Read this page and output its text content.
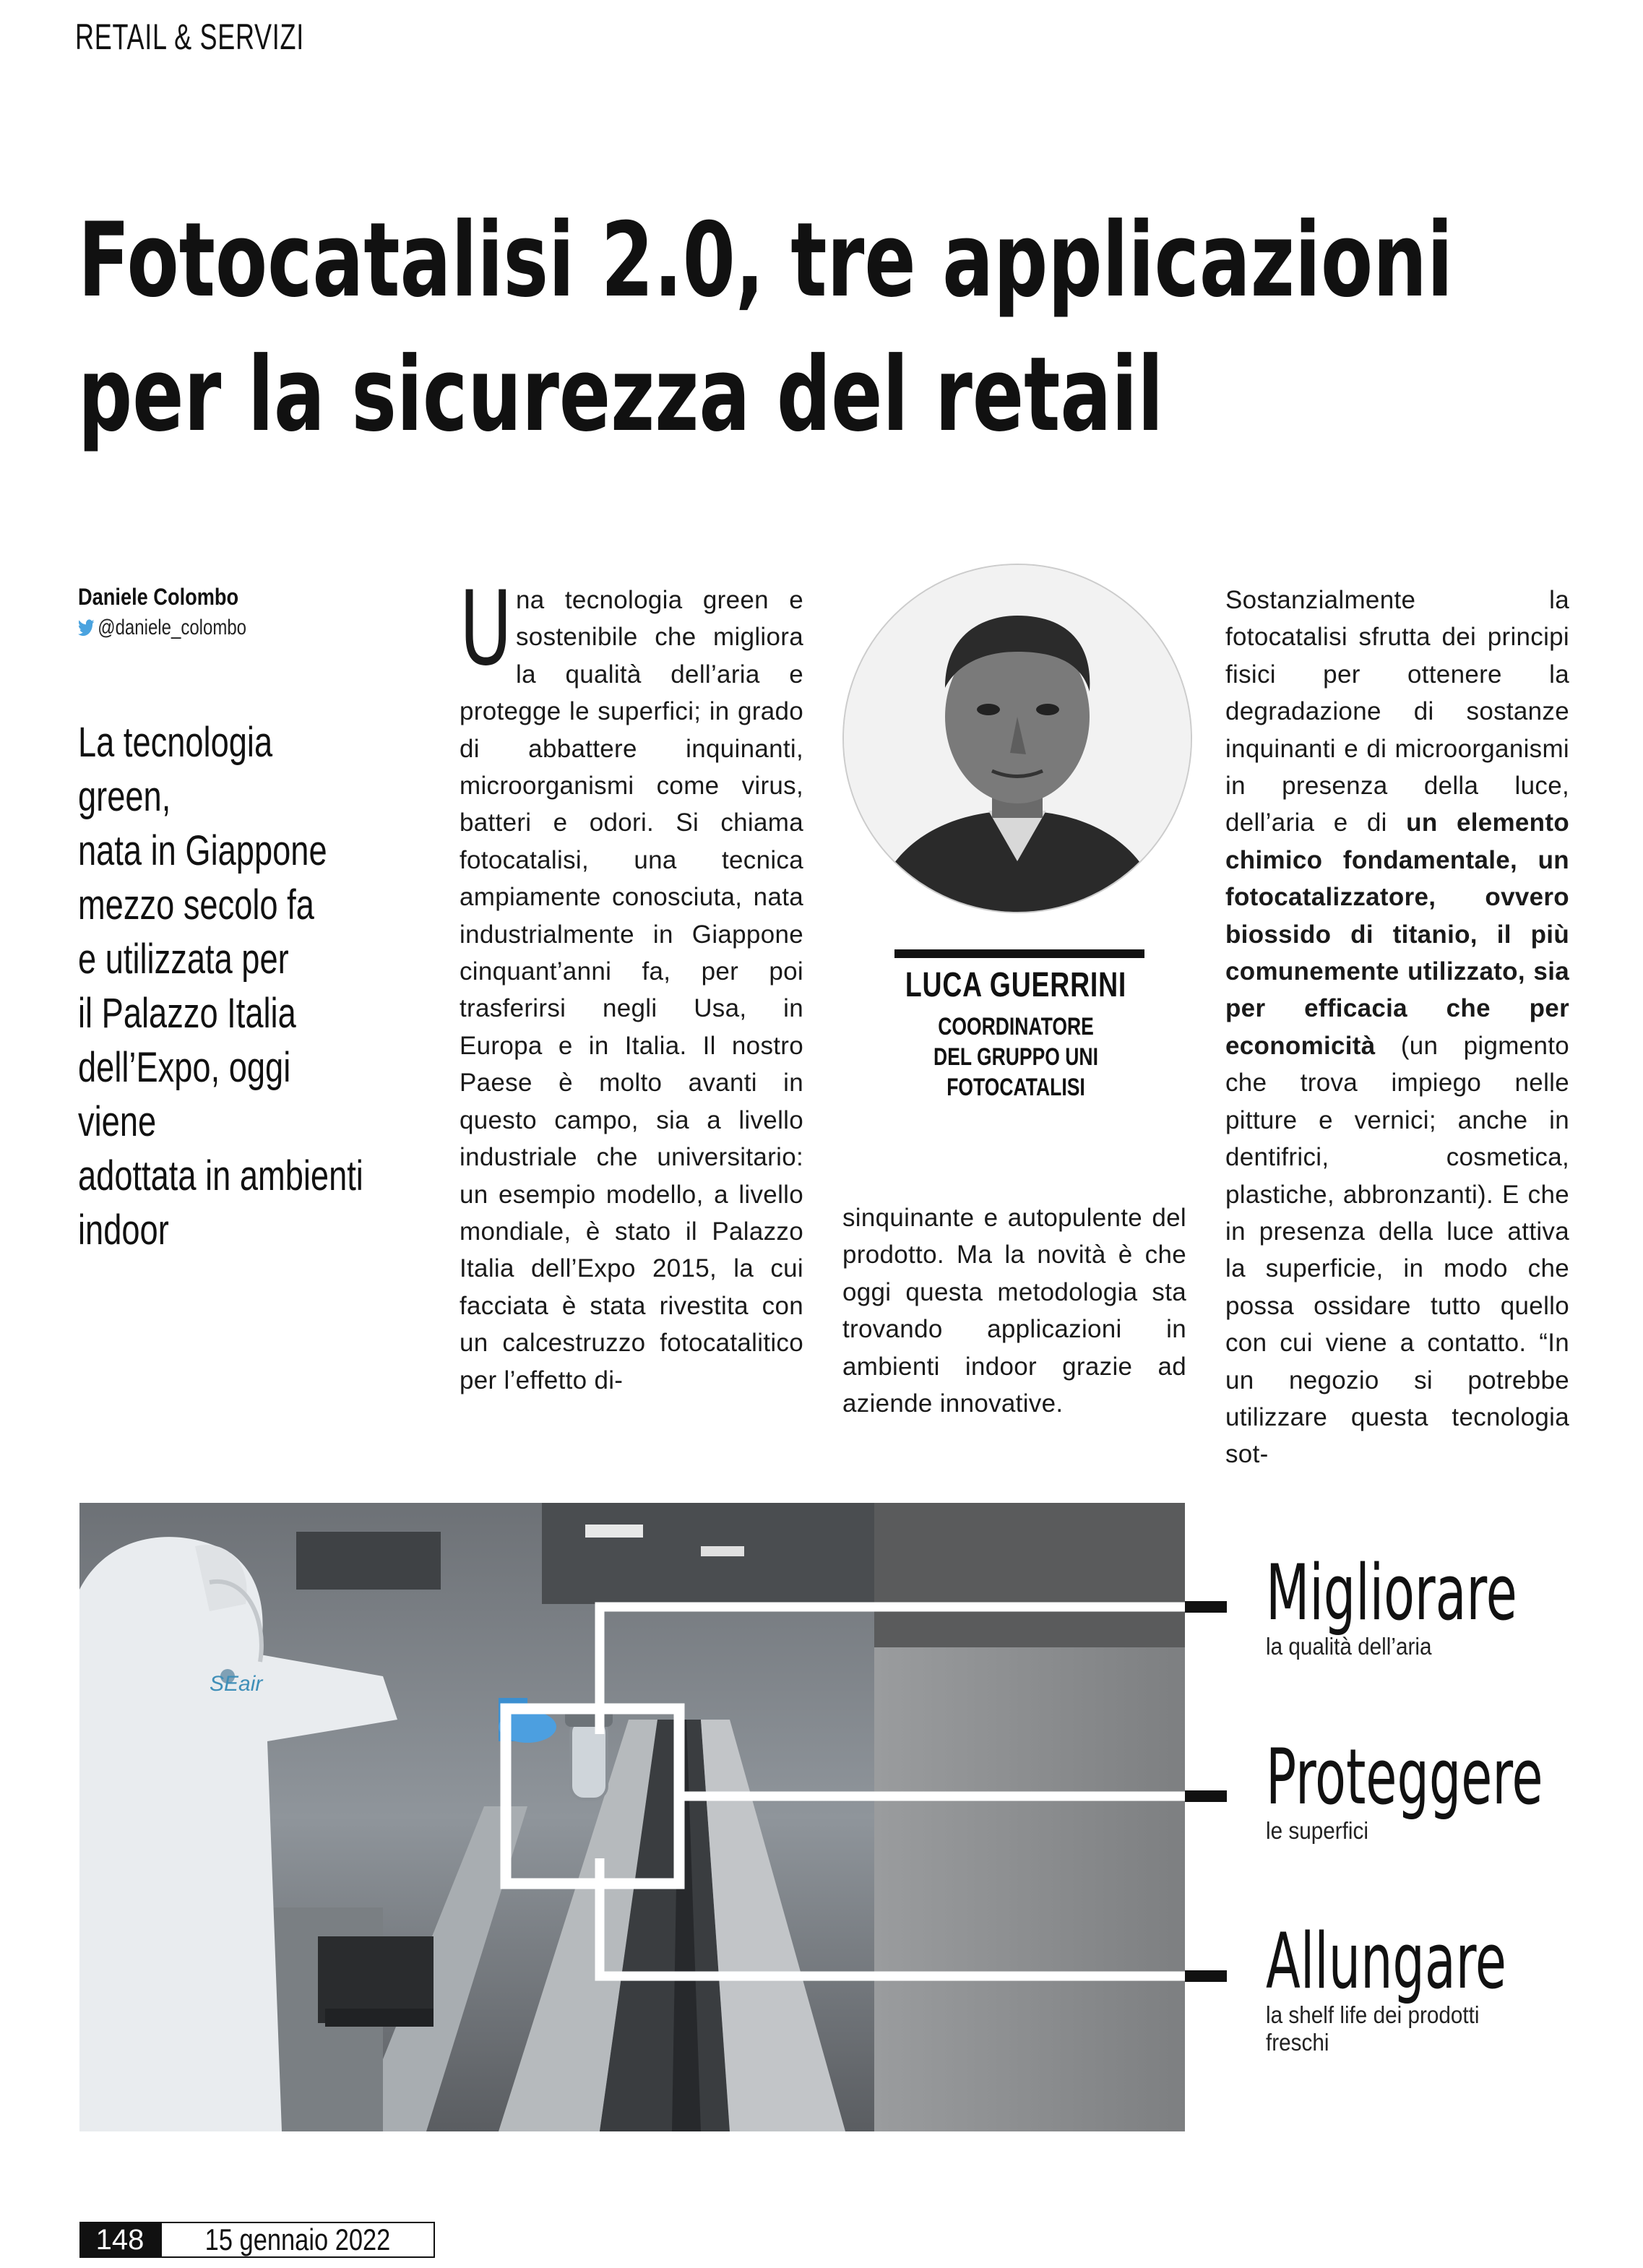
RETAIL & SERVIZI
Fotocatalisi 2.0, tre applicazioni
per la sicurezza del retail
Daniele Colombo
@daniele_colombo
La tecnologia green,
nata in Giappone
mezzo secolo fa
e utilizzata per
il Palazzo Italia
dell’Expo, oggi viene
adottata in ambienti
indoor
U na tecnologia green e sostenibile che migliora la qualità dell’aria e protegge le superfici; in grado di abbattere inquinanti, microorganismi come virus, batteri e odori. Si chiama fotocatalisi, una tecnica ampiamente conosciuta, nata industrialmente in Giappone cinquant’anni fa, per poi trasferirsi negli Usa, in Europa e in Italia. Il nostro Paese è molto avanti in questo campo, sia a livello industriale che universitario: un esempio modello, a livello mondiale, è stato il Palazzo Italia dell’Expo 2015, la cui facciata è stata rivestita con un calcestruzzo fotocatalitico per l’effetto di-

LUCA GUERRINI
COORDINATORE
DEL GRUPPO UNI
FOTOCATALISI

sinquinante e autopulente del prodotto. Ma la novità è che oggi questa metodologia sta trovando applicazioni in ambienti indoor grazie ad aziende innovative.

Sostanzialmente la fotocatalisi sfrutta dei principi fisici per ottenere la degradazione di sostanze inquinanti e di microorganismi in presenza della luce, dell’aria e di un elemento chimico fondamentale, un fotocatalizzatore, ovvero biossido di titanio, il più comunemente utilizzato, sia per efficacia che per economicità (un pigmento che trova impiego nelle pitture e vernici; anche in dentifrici, cosmetica, plastiche, abbronzanti). E che in presenza della luce attiva la superficie, in modo che possa ossidare tutto quello con cui viene a contatto. “In un negozio si potrebbe utilizzare questa tecnologia sot-

SEair
Migliorare
la qualità dell’aria
Proteggere
le superfici
Allungare
la shelf life dei prodotti
freschi
148	15 gennaio 2022
